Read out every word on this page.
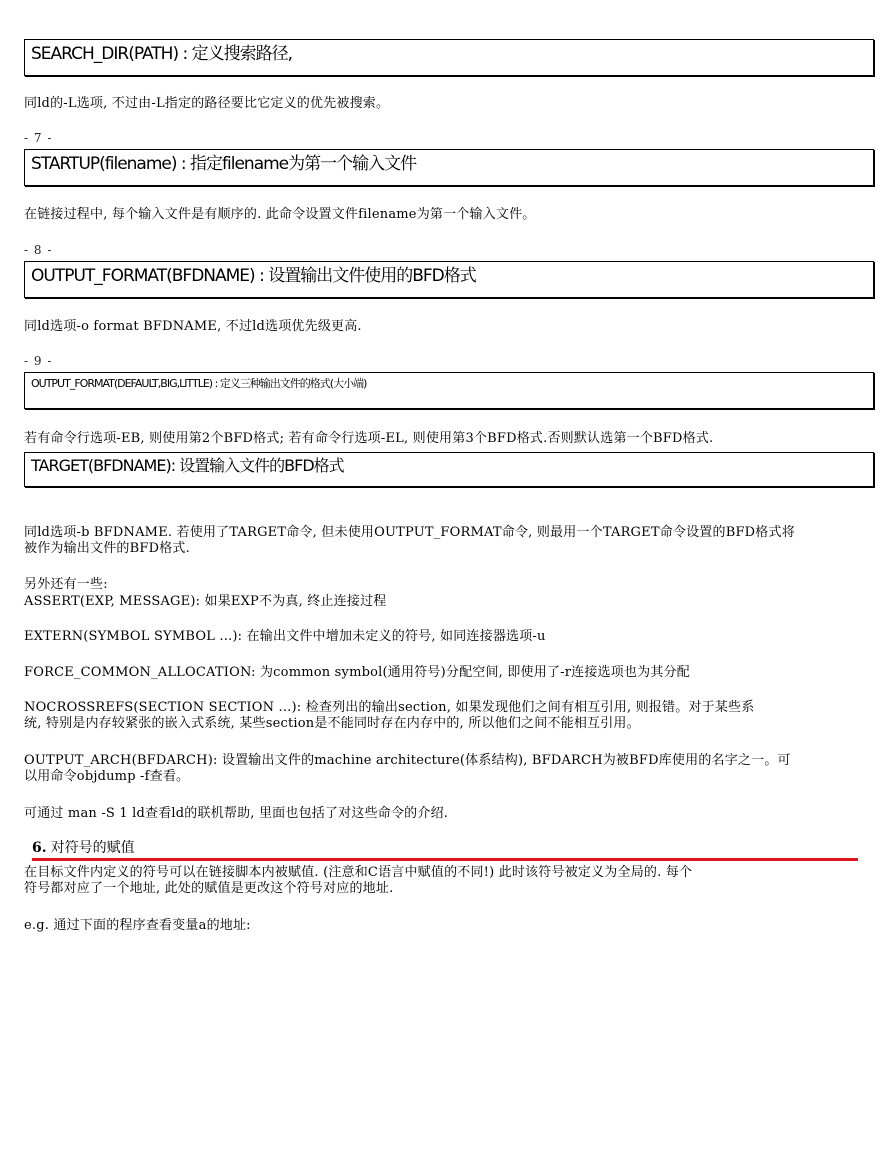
SEARCH_DIR(PATH) : 定义搜索路径,
同ld的-L选项, 不过由-L指定的路径要比它定义的优先被搜索。
- 7 -
STARTUP(filename) : 指定filename为第一个输入文件
在链接过程中, 每个输入文件是有顺序的. 此命令设置文件filename为第一个输入文件。
- 8 -
OUTPUT_FORMAT(BFDNAME) : 设置输出文件使用的BFD格式
同ld选项-o format BFDNAME, 不过ld选项优先级更高.
- 9 -
OUTPUT_FORMAT(DEFAULT,BIG,LITTLE) : 定义三种输出文件的格式(大小端)
若有命令行选项-EB, 则使用第2个BFD格式; 若有命令行选项-EL, 则使用第3个BFD格式.否则默认选第一个BFD格式.
TARGET(BFDNAME): 设置输入文件的BFD格式
同ld选项-b BFDNAME. 若使用了TARGET命令, 但未使用OUTPUT_FORMAT命令, 则最用一个TARGET命令设置的BFD格式将
被作为输出文件的BFD格式.
另外还有一些:
ASSERT(EXP, MESSAGE): 如果EXP不为真, 终止连接过程
EXTERN(SYMBOL SYMBOL ...): 在输出文件中增加未定义的符号, 如同连接器选项-u
FORCE_COMMON_ALLOCATION: 为common symbol(通用符号)分配空间, 即使用了-r连接选项也为其分配
NOCROSSREFS(SECTION SECTION ...): 检查列出的输出section, 如果发现他们之间有相互引用, 则报错。对于某些系
统, 特别是内存较紧张的嵌入式系统, 某些section是不能同时存在内存中的, 所以他们之间不能相互引用。
OUTPUT_ARCH(BFDARCH): 设置输出文件的machine architecture(体系结构), BFDARCH为被BFD库使用的名字之一。可
以用命令objdump -f查看。
可通过 man -S 1 ld查看ld的联机帮助, 里面也包括了对这些命令的介绍.
6. 对符号的赋值
在目标文件内定义的符号可以在链接脚本内被赋值. (注意和C语言中赋值的不同!) 此时该符号被定义为全局的. 每个
符号都对应了一个地址, 此处的赋值是更改这个符号对应的地址.
e.g. 通过下面的程序查看变量a的地址:
